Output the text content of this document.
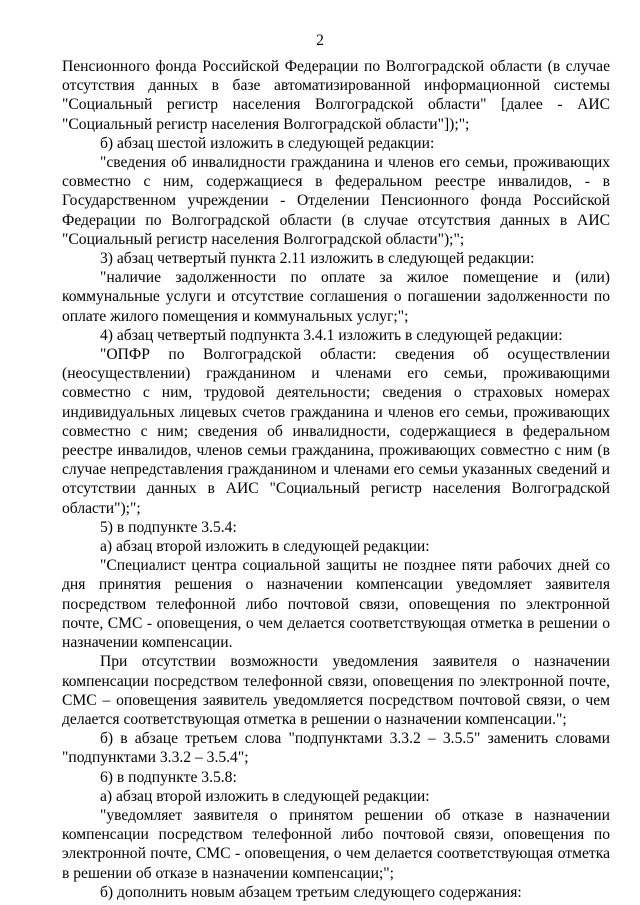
2

Пенсионного фонда Российской Федерации по Волгоградской области (в случае отсутствия данных в базе автоматизированной информационной системы "Социальный регистр населения Волгоградской области" [далее - АИС "Социальный регистр населения Волгоградской области"]);";

б) абзац шестой изложить в следующей редакции:

"сведения об инвалидности гражданина и членов его семьи, проживающих совместно с ним, содержащиеся в федеральном реестре инвалидов, - в Государственном учреждении - Отделении Пенсионного фонда Российской Федерации по Волгоградской области (в случае отсутствия данных в АИС "Социальный регистр населения Волгоградской области");";

3) абзац четвертый пункта 2.11 изложить в следующей редакции:

"наличие задолженности по оплате за жилое помещение и (или) коммунальные услуги и отсутствие соглашения о погашении задолженности по оплате жилого помещения и коммунальных услуг;";

4) абзац четвертый подпункта 3.4.1 изложить в следующей редакции:

"ОПФР по Волгоградской области: сведения об осуществлении (неосуществлении) гражданином и членами его семьи, проживающими совместно с ним, трудовой деятельности; сведения о страховых номерах индивидуальных лицевых счетов гражданина и членов его семьи, проживающих совместно с ним; сведения об инвалидности, содержащиеся в федеральном реестре инвалидов, членов семьи гражданина, проживающих совместно с ним (в случае непредставления гражданином и членами его семьи указанных сведений и отсутствии данных в АИС "Социальный регистр населения Волгоградской области");";

5) в подпункте 3.5.4:

а) абзац второй изложить в следующей редакции:

"Специалист центра социальной защиты не позднее пяти рабочих дней со дня принятия решения о назначении компенсации уведомляет заявителя посредством телефонной либо почтовой связи, оповещения по электронной почте, СМС - оповещения, о чем делается соответствующая отметка в решении о назначении компенсации.

При отсутствии возможности уведомления заявителя о назначении компенсации посредством телефонной связи, оповещения по электронной почте, СМС – оповещения заявитель уведомляется посредством почтовой связи, о чем делается соответствующая отметка в решении о назначении компенсации.";

б) в абзаце третьем слова "подпунктами 3.3.2 – 3.5.5" заменить словами "подпунктами 3.3.2 – 3.5.4";

6) в подпункте 3.5.8:

а) абзац второй изложить в следующей редакции:

"уведомляет заявителя о принятом решении об отказе в назначении компенсации посредством телефонной либо почтовой связи, оповещения по электронной почте, СМС - оповещения, о чем делается соответствующая отметка в решении об отказе в назначении компенсации;";

б) дополнить новым абзацем третьим следующего содержания:
